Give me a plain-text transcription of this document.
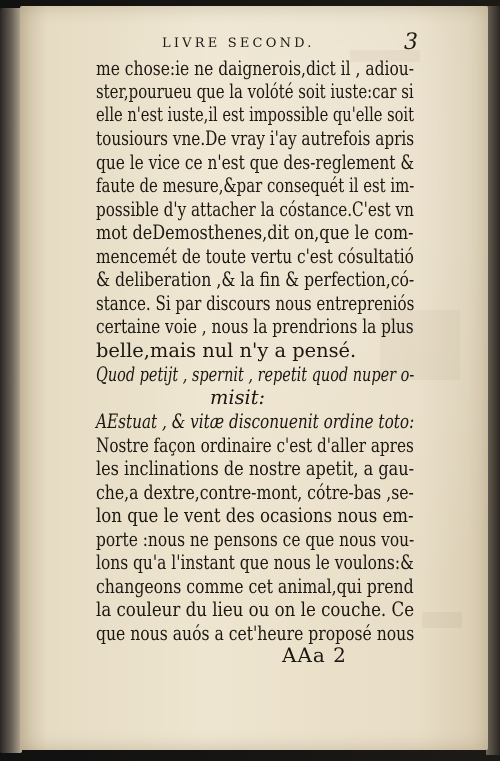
LIVRE SECOND.	3
me chose:ie ne daignerois,dict il , adiou-
ster,pourueu que la volóté soit iuste:car si
elle n'est iuste,il est impossible qu'elle soit
tousiours vne.De vray i'ay autrefois apris
que le vice ce n'est que des-reglement &
faute de mesure,&par consequét il est im-
possible d'y attacher la cóstance.C'est vn
mot deDemosthenes,dit on,que le com-
mencemét de toute vertu c'est cósultatió
& deliberation ,& la fin & perfection,có-
stance. Si par discours nous entrepreniós
certaine voie , nous la prendrions la plus
belle,mais nul n'y a pensé.
Quod petijt , spernit , repetit quod nuper o-
misit:
AEstuat , & vitæ disconuenit ordine toto:
Nostre façon ordinaire c'est d'aller apres
les inclinations de nostre apetit, a gau-
che,a dextre,contre-mont, cótre-bas ,se-
lon que le vent des ocasions nous em-
porte :nous ne pensons ce que nous vou-
lons qu'a l'instant que nous le voulons:&
changeons comme cet animal,qui prend
la couleur du lieu ou on le couche. Ce
que nous auós a cet'heure proposé nous
AAa 2
